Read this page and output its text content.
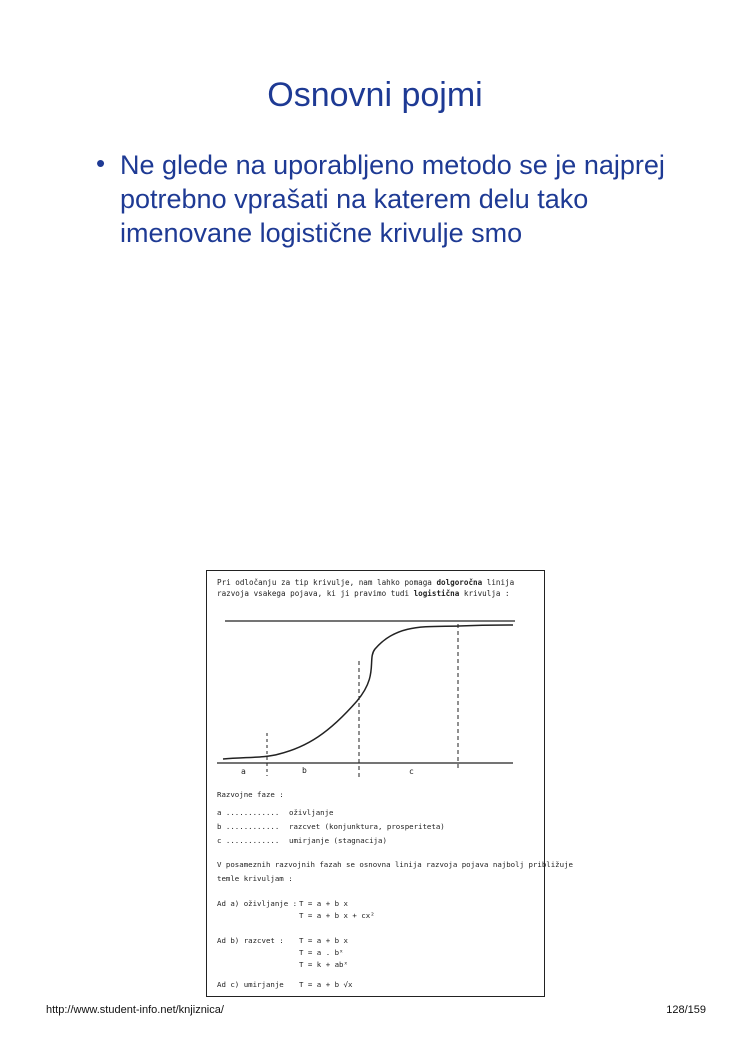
Osnovni pojmi
• Ne glede na uporabljeno metodo se je najprej potrebno vprašati na katerem delu tako imenovane logistične krivulje smo
Pri odločanju za tip krivulje, nam lahko pomaga dolgoročna linija razvoja vsakega pojava, ki ji pravimo tudi logistična krivulja :
a	b	c
Razvojne faze :
a ............ oživljanje
b ............ razcvet (konjunktura, prosperiteta)
c ............ umirjanje (stagnacija)
V posameznih razvojnih fazah se osnovna linija razvoja pojava najbolj približuje
temle krivuljam :
Ad a) oživljanje : T = a + b x
T = a + b x + cx²
Ad b) razcvet : T = a + b x
T = a . bˣ
T = k + abˣ
Ad c) umirjanje T = a + b √x
http://www.student-info.net/knjiznica/	128/159
